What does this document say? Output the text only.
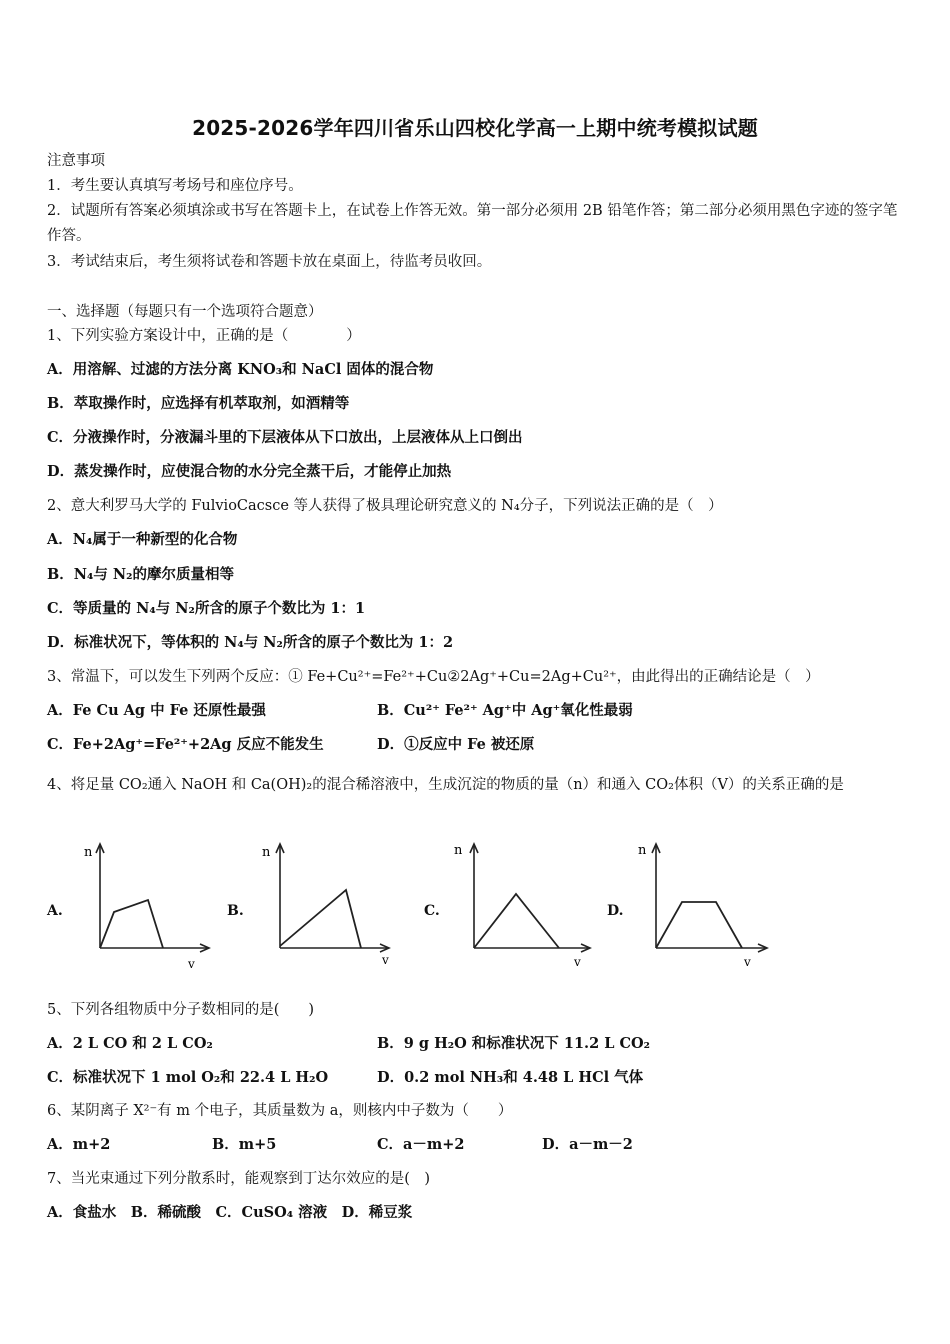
2025-2026学年四川省乐山四校化学高一上期中统考模拟试题
注意事项
1．考生要认真填写考场号和座位序号。
2．试题所有答案必须填涂或书写在答题卡上，在试卷上作答无效。第一部分必须用 2B 铅笔作答；第二部分必须用黑色字迹的签字笔作答。
3．考试结束后，考生须将试卷和答题卡放在桌面上，待监考员收回。
一、选择题（每题只有一个选项符合题意）
1、下列实验方案设计中，正确的是（　　　　）
A．用溶解、过滤的方法分离 KNO₃和 NaCl 固体的混合物
B．萃取操作时，应选择有机萃取剂，如酒精等
C．分液操作时，分液漏斗里的下层液体从下口放出，上层液体从上口倒出
D．蒸发操作时，应使混合物的水分完全蒸干后，才能停止加热
2、意大利罗马大学的 FulvioCacsce 等人获得了极具理论研究意义的 N₄分子，下列说法正确的是（　）
A．N₄属于一种新型的化合物
B．N₄与 N₂的摩尔质量相等
C．等质量的 N₄与 N₂所含的原子个数比为 1：1
D．标准状况下，等体积的 N₄与 N₂所含的原子个数比为 1：2
3、常温下，可以发生下列两个反应：① Fe+Cu²⁺=Fe²⁺+Cu②2Ag⁺+Cu=2Ag+Cu²⁺，由此得出的正确结论是（　）
A．Fe Cu Ag 中 Fe 还原性最强	B．Cu²⁺ Fe²⁺ Ag⁺中 Ag⁺氧化性最弱
C．Fe+2Ag⁺=Fe²⁺+2Ag 反应不能发生	D．①反应中 Fe 被还原
4、将足量 CO₂通入 NaOH 和 Ca(OH)₂的混合稀溶液中，生成沉淀的物质的量（n）和通入 CO₂体积（V）的关系正确的是
A.	B.	C.	D.
n
v
n
v
n
v
n
v
5、下列各组物质中分子数相同的是(　　)
A．2 L CO 和 2 L CO₂	B．9 g H₂O 和标准状况下 11.2 L CO₂
C．标准状况下 1 mol O₂和 22.4 L H₂O	D．0.2 mol NH₃和 4.48 L HCl 气体
6、某阴离子 X²⁻有 m 个电子，其质量数为 a，则核内中子数为（　　）
A．m+2	B．m+5	C．a－m+2	D．a－m－2
7、当光束通过下列分散系时，能观察到丁达尔效应的是(　)
A．食盐水　B．稀硫酸　C．CuSO₄ 溶液　D．稀豆浆
